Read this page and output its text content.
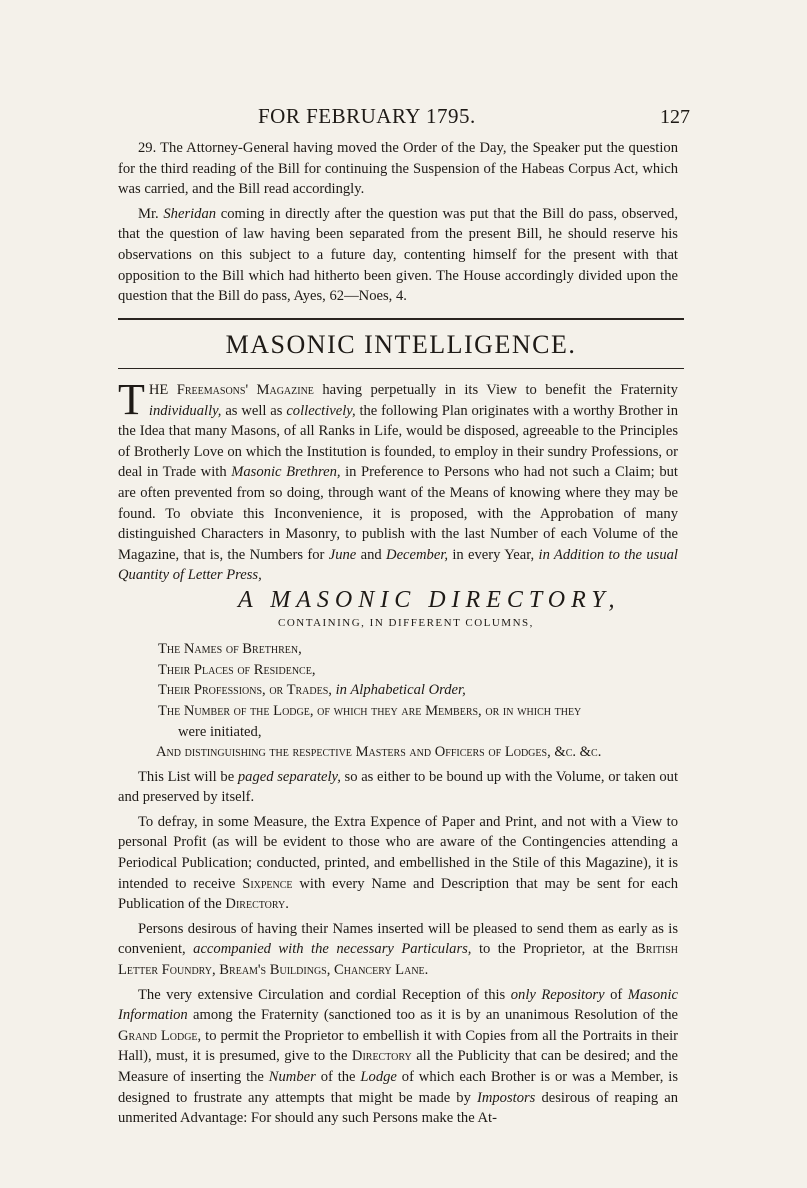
FOR FEBRUARY 1795.	127

29. The Attorney-General having moved the Order of the Day, the Speaker put the question for the third reading of the Bill for continuing the Suspension of the Habeas Corpus Act, which was carried, and the Bill read accordingly.

Mr. Sheridan coming in directly after the question was put that the Bill do pass, observed, that the question of law having been separated from the present Bill, he should reserve his observations on this subject to a future day, contenting himself for the present with that opposition to the Bill which had hitherto been given. The House accordingly divided upon the question that the Bill do pass, Ayes, 62—Noes, 4.

MASONIC INTELLIGENCE.

THE Freemasons' Magazine having perpetually in its View to benefit the Fraternity individually, as well as collectively, the following Plan originates with a worthy Brother in the Idea that many Masons, of all Ranks in Life, would be disposed, agreeable to the Principles of Brotherly Love on which the Institution is founded, to employ in their sundry Professions, or deal in Trade with Masonic Brethren, in Preference to Persons who had not such a Claim; but are often prevented from so doing, through want of the Means of knowing where they may be found. To obviate this Inconvenience, it is proposed, with the Approbation of many distinguished Characters in Masonry, to publish with the last Number of each Volume of the Magazine, that is, the Numbers for June and December, in every Year, in Addition to the usual Quantity of Letter Press,

A MASONIC DIRECTORY,
CONTAINING, IN DIFFERENT COLUMNS,
The Names of Brethren,
Their Places of Residence,
Their Professions, or Trades, in Alphabetical Order,
The Number of the Lodge, of which they are Members, or in which they
were initiated,
And distinguishing the respective Masters and Officers of Lodges, &c. &c.

This List will be paged separately, so as either to be bound up with the Volume, or taken out and preserved by itself.

To defray, in some Measure, the Extra Expence of Paper and Print, and not with a View to personal Profit (as will be evident to those who are aware of the Contingencies attending a Periodical Publication; conducted, printed, and embellished in the Stile of this Magazine), it is intended to receive Sixpence with every Name and Description that may be sent for each Publication of the Directory.

Persons desirous of having their Names inserted will be pleased to send them as early as is convenient, accompanied with the necessary Particulars, to the Proprietor, at the British Letter Foundry, Bream's Buildings, Chancery Lane.

The very extensive Circulation and cordial Reception of this only Repository of Masonic Information among the Fraternity (sanctioned too as it is by an unanimous Resolution of the Grand Lodge, to permit the Proprietor to embellish it with Copies from all the Portraits in their Hall), must, it is presumed, give to the Directory all the Publicity that can be desired; and the Measure of inserting the Number of the Lodge of which each Brother is or was a Member, is designed to frustrate any attempts that might be made by Impostors desirous of reaping an unmerited Advantage: For should any such Persons make the At-
